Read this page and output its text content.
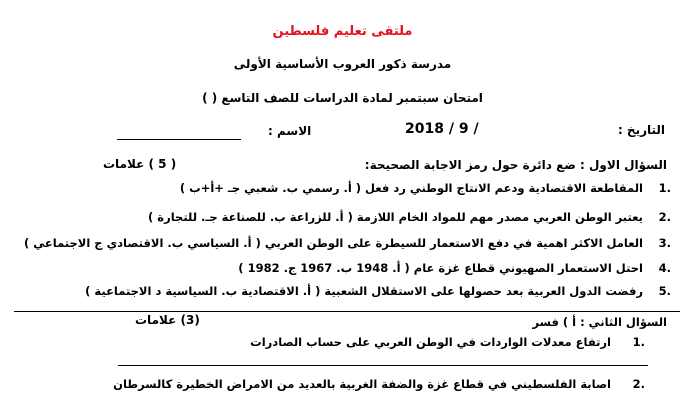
ملتقى تعليم فلسطين
مدرسة ذكور العروب الأساسية الأولى
امتحان سبتمبر لمادة الدراسات للصف التاسع ( )
التاريخ :
2018 / 9 /
الاسم :
السؤال الاول : ضع دائرة حول رمز الاجابة الصحيحة:
( 5 ) علامات
.1
المقاطعة الاقتصادية ودعم الانتاج الوطني رد فعل ( أ. رسمي ب. شعبي جـ +أ+ب )
.2
يعتبر الوطن العربي مصدر مهم للمواد الخام اللازمة ( أ. للزراعة ب. للصناعة جـ. للتجارة )
.3
العامل الاكثر اهمية في دفع الاستعمار للسيطرة على الوطن العربي ( أ. السياسي ب. الاقتصادي ج الاجتماعي )
.4
احتل الاستعمار الصهيوني قطاع غزة عام ( أ. 1948 ب. 1967 ج. 1982 )
.5
رفضت الدول العربية بعد حصولها على الاستقلال الشعبية ( أ. الاقتصادية ب. السياسية د الاجتماعية )
السؤال الثاني : أ ) فسر
(3) علامات
.1
ارتفاع معدلات الواردات في الوطن العربي على حساب الصادرات
.2
اصابة الفلسطيني في قطاع غزة والضفة الغربية بالعديد من الامراض الخطيرة كالسرطان
